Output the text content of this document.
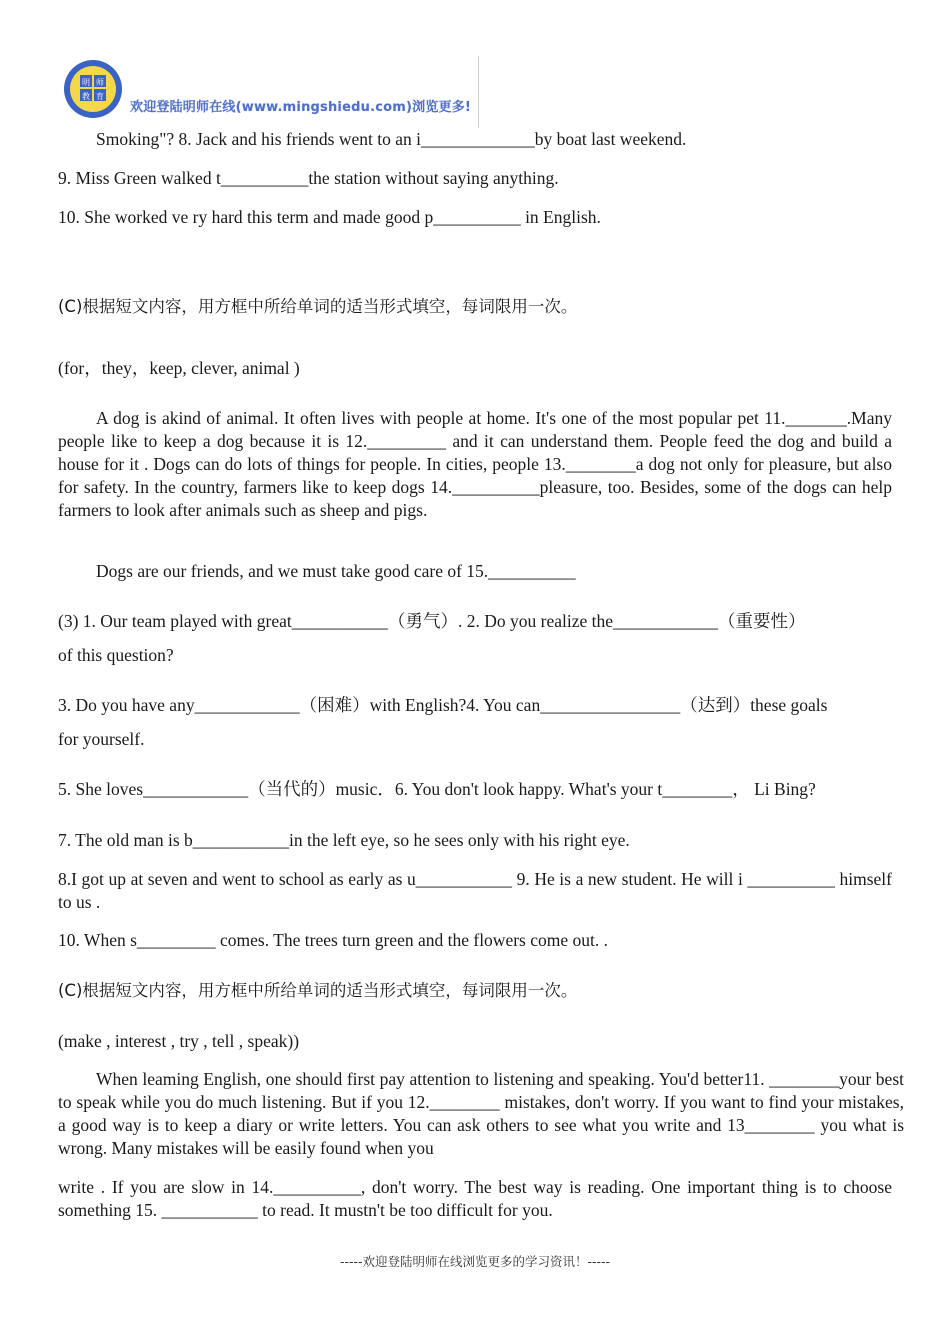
明 师
教 育
欢迎登陆明师在线(www.mingshiedu.com)浏览更多!
Smoking"? 8. Jack and his friends went to an i_____________by boat last weekend.
9. Miss Green walked t__________the station without saying anything.
10. She worked ve ry hard this term and made good p__________ in English.
(C)根据短文内容，用方框中所给单词的适当形式填空，每词限用一次。
(for，they，keep, clever, animal )

A dog is akind of animal. It often lives with people at home. It's one of the most popular pet 11._______.Many people like to keep a dog because it is 12._________ and it can understand them. People feed the dog and build a house for it . Dogs can do lots of things for people. In cities, people 13.________a dog not only for pleasure, but also for safety. In the country, farmers like to keep dogs 14.__________pleasure, too. Besides, some of the dogs can help farmers to look after animals such as sheep and pigs.

Dogs are our friends, and we must take good care of 15.__________
(3) 1. Our team played with great___________（勇气）. 2. Do you realize the____________（重要性）
of this question?
3. Do you have any____________（困难）with English?4. You can________________（达到）these goals
for yourself.
5. She loves____________（当代的）music．6. You don't look happy. What's your t________， Li Bing?
7. The old man is b___________in the left eye, so he sees only with his right eye.

8.I got up at seven and went to school as early as u___________ 9. He is a new student. He will i __________ himself to us .

10. When s_________ comes. The trees turn green and the flowers come out. .
(C)根据短文内容，用方框中所给单词的适当形式填空，每词限用一次。
(make , interest , try , tell , speak))

When leaming English, one should first pay attention to listening and speaking. You'd better11. ________your best to speak while you do much listening. But if you 12.________ mistakes, don't worry. If you want to find your mistakes, a good way is to keep a diary or write letters. You can ask others to see what you write and 13________ you what is wrong. Many mistakes will be easily found when you

write . If you are slow in 14.__________, don't worry. The best way is reading. One important thing is to choose something 15. ___________ to read. It mustn't be too difficult for you.

-----欢迎登陆明师在线浏览更多的学习资讯！-----
